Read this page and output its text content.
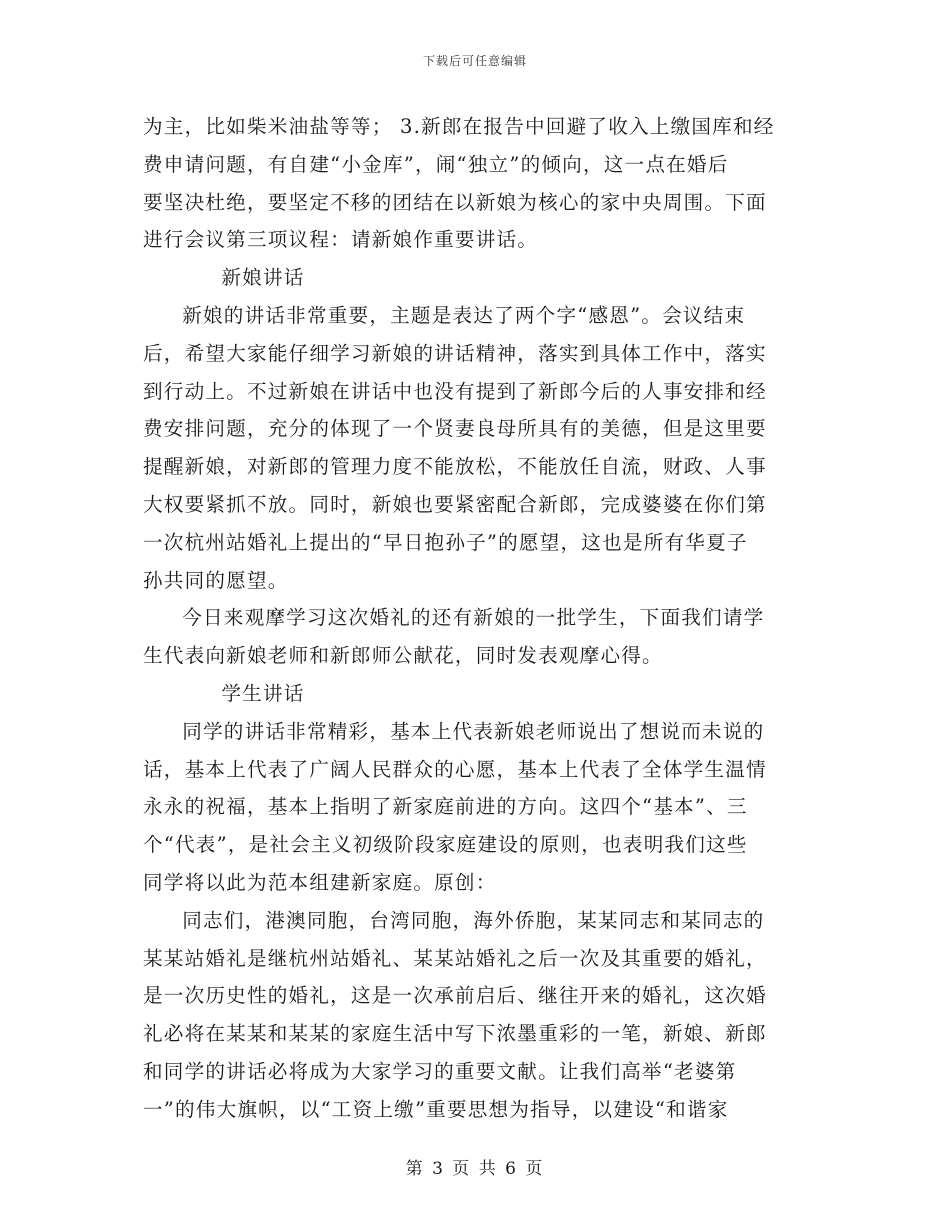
下载后可任意编辑

为主，比如柴米油盐等等； 3.新郎在报告中回避了收入上缴国库和经
费申请问题，有自建“小金库”，闹“独立”的倾向，这一点在婚后
要坚决杜绝，要坚定不移的团结在以新娘为核心的家中央周围。下面
进行会议第三项议程：请新娘作重要讲话。

新娘讲话

新娘的讲话非常重要，主题是表达了两个字“感恩”。会议结束
后，希望大家能仔细学习新娘的讲话精神，落实到具体工作中，落实
到行动上。不过新娘在讲话中也没有提到了新郎今后的人事安排和经
费安排问题，充分的体现了一个贤妻良母所具有的美德，但是这里要
提醒新娘，对新郎的管理力度不能放松，不能放任自流，财政、人事
大权要紧抓不放。同时，新娘也要紧密配合新郎，完成婆婆在你们第
一次杭州站婚礼上提出的“早日抱孙子”的愿望，这也是所有华夏子
孙共同的愿望。

今日来观摩学习这次婚礼的还有新娘的一批学生，下面我们请学
生代表向新娘老师和新郎师公献花，同时发表观摩心得。

学生讲话

同学的讲话非常精彩，基本上代表新娘老师说出了想说而未说的
话，基本上代表了广阔人民群众的心愿，基本上代表了全体学生温情
永永的祝福，基本上指明了新家庭前进的方向。这四个“基本”、三
个“代表”，是社会主义初级阶段家庭建设的原则，也表明我们这些
同学将以此为范本组建新家庭。原创：

同志们，港澳同胞，台湾同胞，海外侨胞，某某同志和某同志的
某某站婚礼是继杭州站婚礼、某某站婚礼之后一次及其重要的婚礼，
是一次历史性的婚礼，这是一次承前启后、继往开来的婚礼，这次婚
礼必将在某某和某某的家庭生活中写下浓墨重彩的一笔，新娘、新郎
和同学的讲话必将成为大家学习的重要文献。让我们高举“老婆第
一”的伟大旗帜，以“工资上缴”重要思想为指导，以建设“和谐家

第 3 页 共 6 页
